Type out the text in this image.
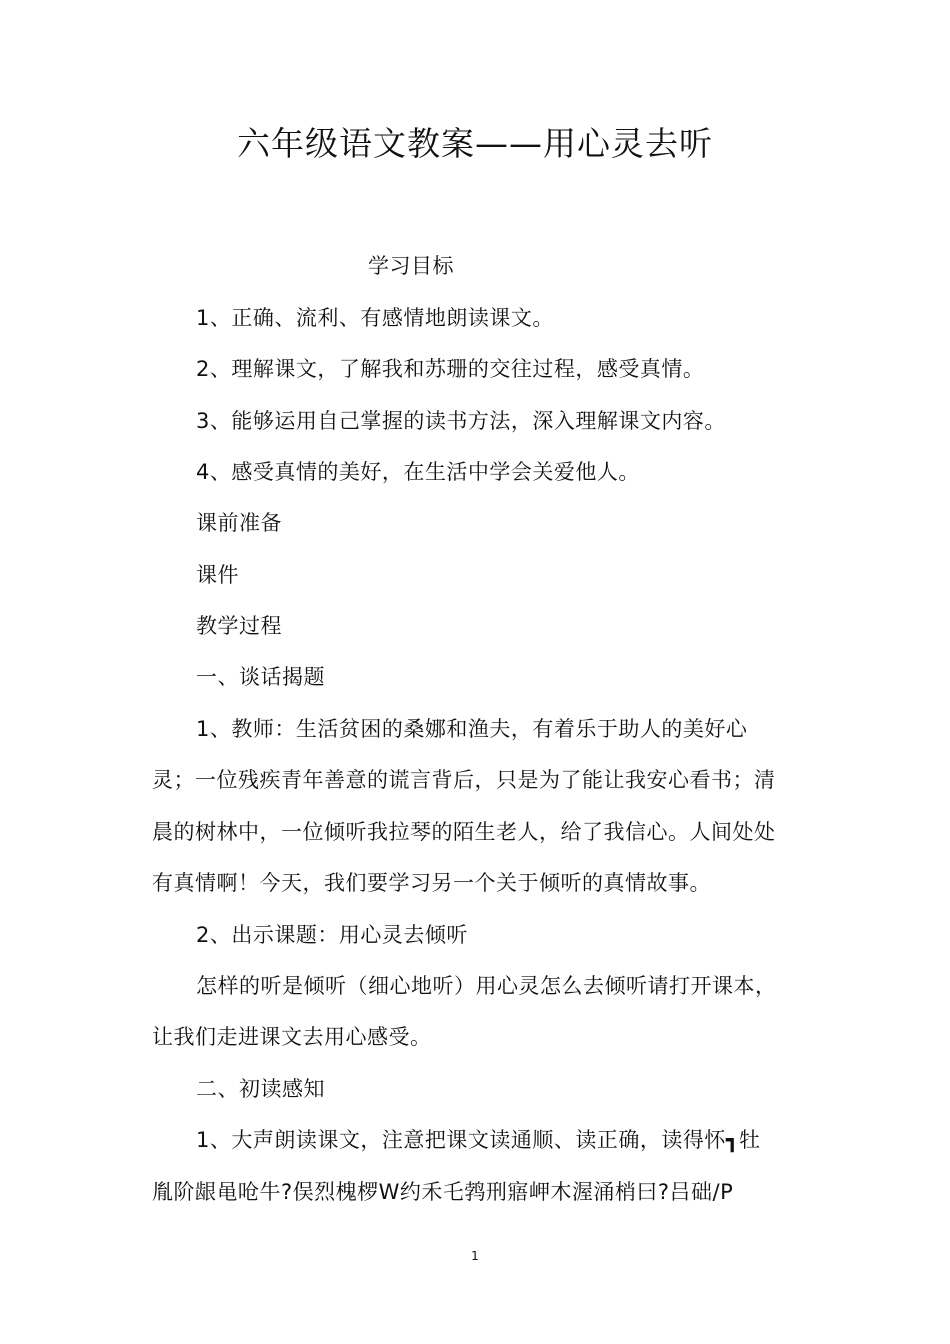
六年级语文教案——用心灵去听
学习目标
1、正确、流利、有感情地朗读课文。
2、理解课文，了解我和苏珊的交往过程，感受真情。
3、能够运用自己掌握的读书方法，深入理解课文内容。
4、感受真情的美好，在生活中学会关爱他人。
课前准备
课件
教学过程
一、谈话揭题
1、教师：生活贫困的桑娜和渔夫，有着乐于助人的美好心
灵；一位残疾青年善意的谎言背后，只是为了能让我安心看书；清
晨的树林中，一位倾听我拉琴的陌生老人，给了我信心。人间处处
有真情啊！今天，我们要学习另一个关于倾听的真情故事。
2、出示课题：用心灵去倾听
怎样的听是倾听（细心地听）用心灵怎么去倾听请打开课本，
让我们走进课文去用心感受。
二、初读感知
1、大声朗读课文，注意把课文读通顺、读正确，读得怀┓牡
胤阶龈黾呛牛?俣烈槐椤W约禾乇鹁刑寤岬木渥涌梢曰?吕础/P
1
